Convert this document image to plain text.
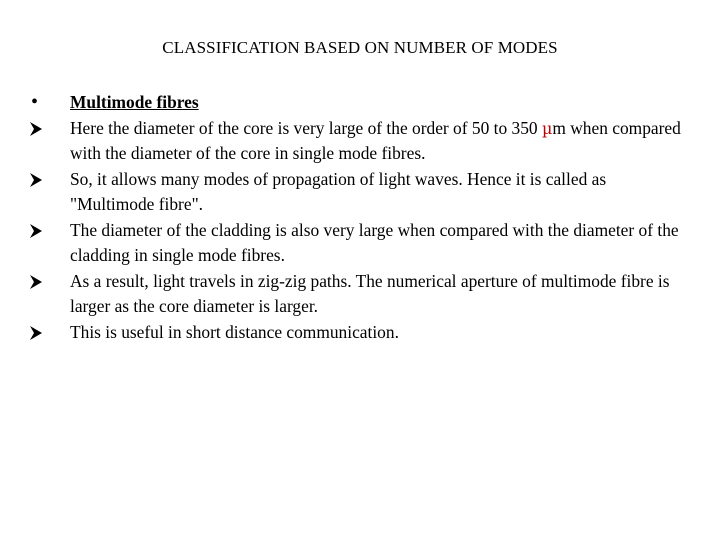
CLASSIFICATION BASED ON NUMBER OF MODES
•	Multimode fibres
Here the diameter of the core is very large of the order of 50 to 350 µm when compared with the diameter of the core in single mode fibres.
So, it allows many modes of propagation of light waves. Hence it is called as "Multimode fibre".
The diameter of the cladding is also very large when compared with the diameter of the cladding in single mode fibres.
As a result, light travels in zig-zig paths. The numerical aperture of multimode fibre is larger as the core diameter is larger.
This is useful in short distance communication.
